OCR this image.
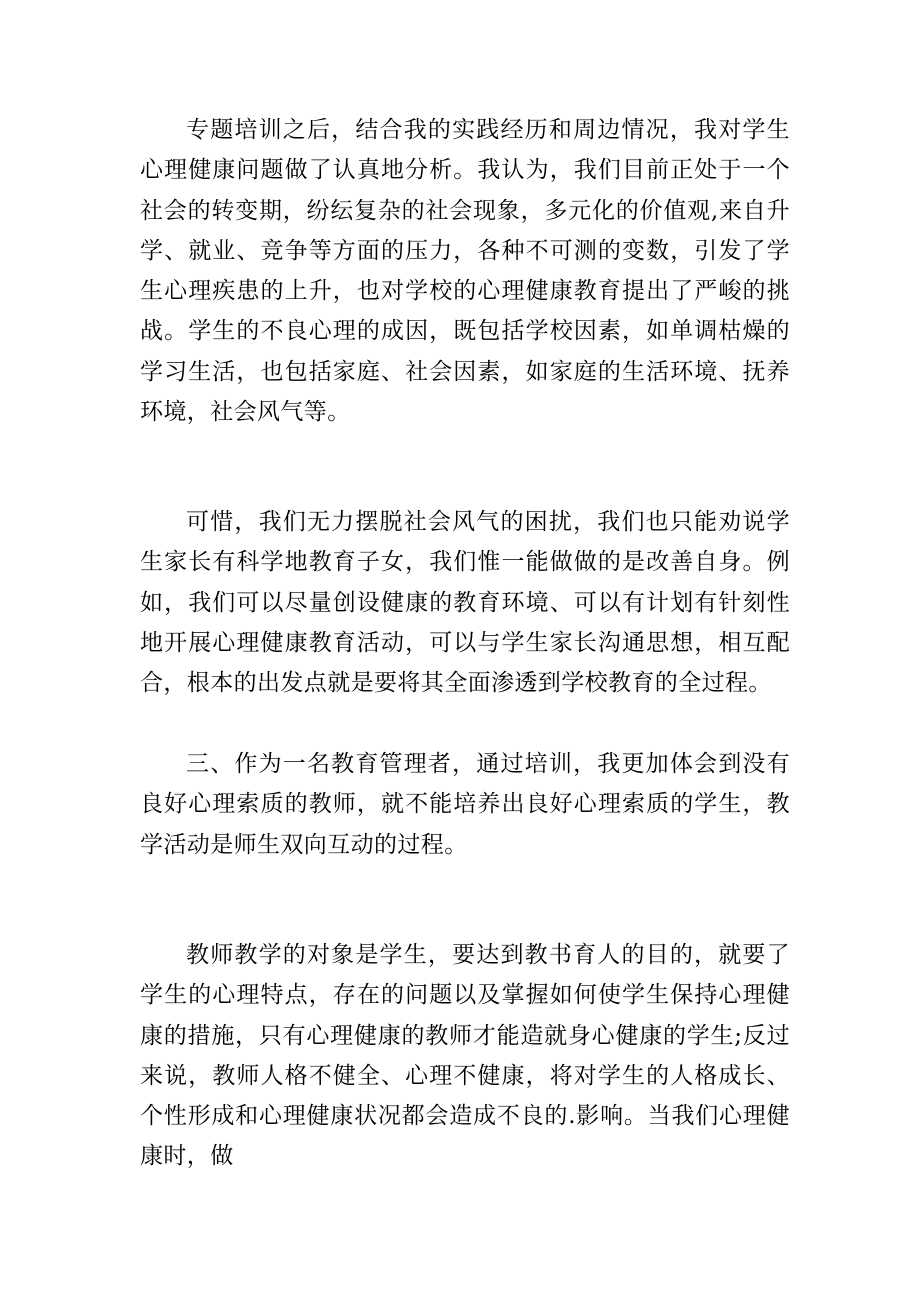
专题培训之后，结合我的实践经历和周边情况，我对学生心理健康问题做了认真地分析。我认为，我们目前正处于一个社会的转变期，纷纭复杂的社会现象，多元化的价值观,来自升学、就业、竞争等方面的压力，各种不可测的变数，引发了学生心理疾患的上升，也对学校的心理健康教育提出了严峻的挑战。学生的不良心理的成因，既包括学校因素，如单调枯燥的学习生活，也包括家庭、社会因素，如家庭的生活环境、抚养环境，社会风气等。

可惜，我们无力摆脱社会风气的困扰，我们也只能劝说学生家长有科学地教育子女，我们惟一能做做的是改善自身。例如，我们可以尽量创设健康的教育环境、可以有计划有针刻性地开展心理健康教育活动，可以与学生家长沟通思想，相互配合，根本的出发点就是要将其全面渗透到学校教育的全过程。

三、作为一名教育管理者，通过培训，我更加体会到没有良好心理索质的教师，就不能培养出良好心理索质的学生，教学活动是师生双向互动的过程。

教师教学的对象是学生，要达到教书育人的目的，就要了学生的心理特点，存在的问题以及掌握如何使学生保持心理健康的措施，只有心理健康的教师才能造就身心健康的学生;反过来说，教师人格不健全、心理不健康，将对学生的人格成长、个性形成和心理健康状况都会造成不良的.影响。当我们心理健康时，做
